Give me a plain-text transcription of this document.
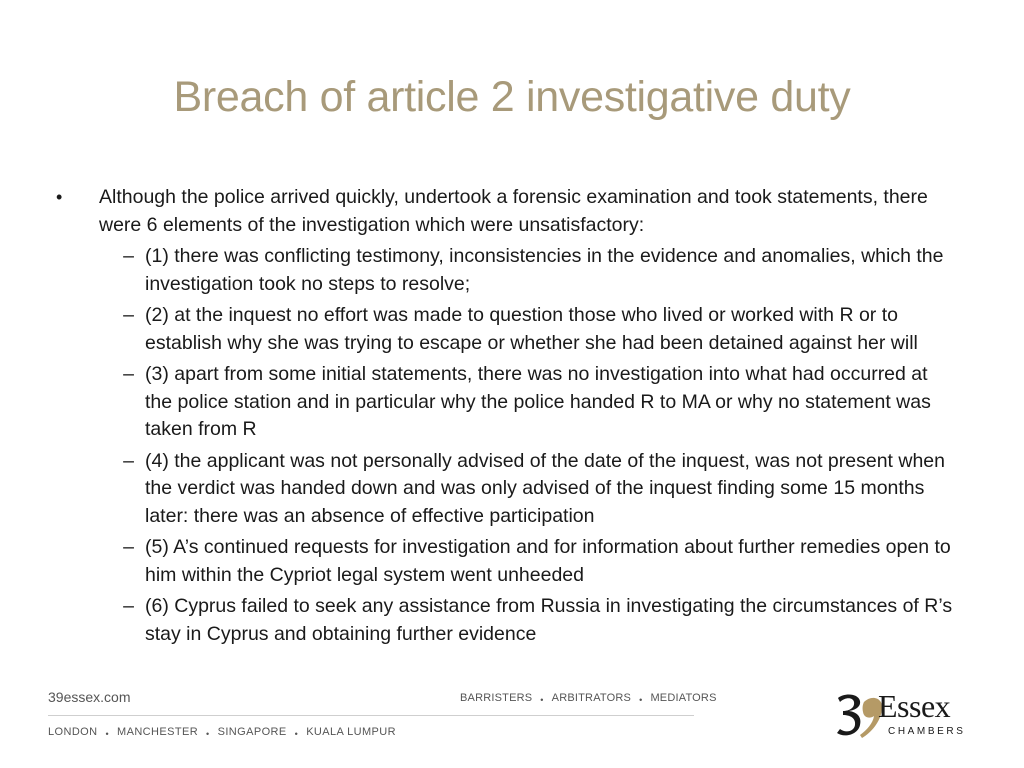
Breach of article 2 investigative duty
•	Although the police arrived quickly, undertook a forensic examination and took statements, there were 6 elements of the investigation which were unsatisfactory:
– (1) there was conflicting testimony, inconsistencies in the evidence and anomalies, which the investigation took no steps to resolve;
– (2) at the inquest no effort was made to question those who lived or worked with R or to establish why she was trying to escape or whether she had been detained against her will
– (3) apart from some initial statements, there was no investigation into what had occurred at the police station and in particular why the police handed R to MA or why no statement was taken from R
– (4) the applicant was not personally advised of the date of the inquest, was not present when the verdict was handed down and was only advised of the inquest finding some 15 months later: there was an absence of effective participation
– (5) A’s continued requests for investigation and for information about further remedies open to him within the Cypriot legal system went unheeded
– (6) Cyprus failed to seek any assistance from Russia in investigating the circumstances of R’s stay in Cyprus and obtaining further evidence
39essex.com	BARRISTERS • ARBITRATORS • MEDIATORS
LONDON • MANCHESTER • SINGAPORE • KUALA LUMPUR
Essex
CHAMBERS
